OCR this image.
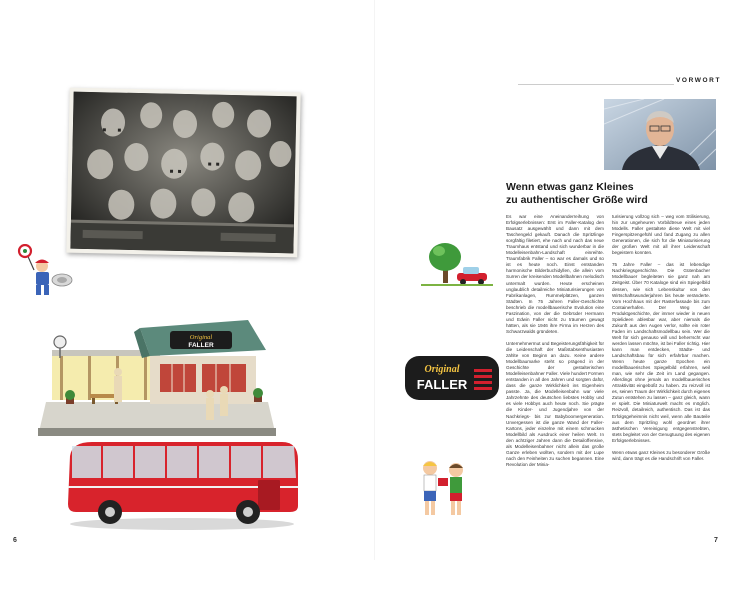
Original
FALLER
6
VORWORT
Wenn etwas ganz Kleines
zu authentischer Größe wird

Es war eine Aneinanderreihung von Erfolgserlebnissen: Erst im Faller-Katalog den Bausatz ausgewählt und dann mit dem Taschengeld gekauft. Danach die Spritzlinge sorgfältig filetiert, ehe nach und nach das neue Traumhaus entstand und sich wunderbar in die Modelleisenbahn-Landschaft einreihte. Traumfabrik Faller – so war es damals und so ist es heute noch. Einst entstanden harmonische Bilderbuchidyllen, die allein vom Surren der kreisenden Modellbahnen melodisch untermalt wurden. Heute erscheinen unglaublich detailreiche Miniaturisierungen von Fabrikanlagen, Rummelplätzen, ganzen Städten. In 75 Jahren Faller-Geschichte beschrieb die modellbauerische Evolution eine Faszination, von der die Gebrüder Hermann und Edwin Faller nicht zu träumen gewagt hätten, als sie 1946 ihre Firma im Herzen des Schwarzwalds gründeten.

Unternehmermut und Begeisterungsfähigkeit für die Leidenschaft der Maßstabsenthusiasten zählte von Beginn an dazu. Keine andere Modellbaumarke steht so prägend in der Geschichte der gestalterischen Modelleisenbahner Faller. Viele hundert Formen entstanden in all den Jahren und sorgten dafür, dass die ganze Wirklichkeit ins Eigenheim passte. Ja, die Modelleisenbahn war viele Jahrzehnte des deutschen liebstes Hobby und es viele Hobbys auch heute noch. Sie prägte die Kinder- und Jugendjahre von der Nachkriegs- bis zur Babyboomergeneration. Unvergessen ist die ganze Wand der Faller-Kartons, jeder einzelne mit einem schmucken Modellbild als Ausdruck einer heilen Welt. In den achtziger Jahren dann die Detailoffensive, als Modelleisenbahner nicht allein das große Ganze erleben wollten, sondern mit der Lupe nach den Feinheiten zu suchen begannen. Eine Revolution der Minia-

turisierung vollzog sich – weg vom Stilisierung, hin zur ungeheuren Vorbildtreue eines jeden Modells. Faller gestaltete diese Welt mit viel Fingerspitzengefühl und fand Zugang zu allen Generationen, die sich für die Miniaturisierung der großen Welt mit all ihrer Leidenschaft begeistern konnten.

75 Jahre Faller – das ist lebendige Nachkriegsgeschichte. Die Gütenbacher Modellbauer begleiteten sie ganz nah am Zeitgeist. Über 70 Kataloge sind ein Spiegelbild dessen, wie sich Lebenskultur von den Wirtschaftswunderjahren bis heute veränderte. Vom Hochhaus mit der Rasterfassade bis zum Containerhafen. Der Weg der Produktgeschichte, der immer wieder in neuen Spielideen ablesbar war, aber niemals die Zukunft aus den Augen verlor, sollte ein roter Faden im Landschaftsmodellbau sein. Wer die Welt für sich genauso will und beherrscht war werden lassen möchte, ist bei Faller richtig. Hier kann man entdecken, Städte- und Landschaftsbau für sich erfahrbar machen. Wenn heute ganze Epochen ein modellbauerisches Spiegelbild erfahren, weil man, wie sehr die Zeit im Land gegangen. Allerdings ohne jemals an modellbauerisches Attraktivität eingebüßt zu haben. Zu reizvoll ist es, seinen Traum der Wirklichkeit durch eigenes Zutun entstehen zu lassen – ganz gleich, wann er spielt. Die Miniaturwelt macht es möglich. Reizvoll, detailreich, authentisch. Das ist das Erfolgsgeheimnis nicht weil, wenn alle Bauteile aus dem Spritzling wohl geordnet ihrer ästhetischen Vereinigung entgegenstrebten, stets begleitet von der Genugtuung des eigenen Erfolgserlebnisses.

Wenn etwas ganz Kleines zu besonderer Größe wird, dann trägt es die Handschrift von Faller.

Original
FALLER
7
